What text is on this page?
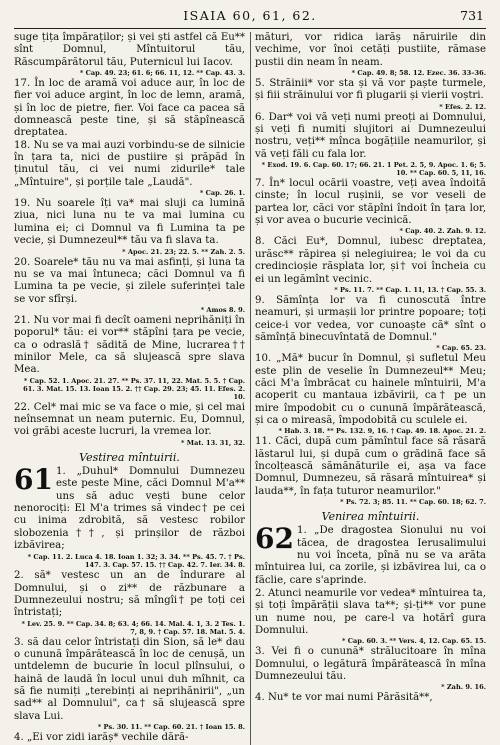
ISAIA 60, 61, 62.	731

suge țița împăraților; și vei ști astfel că Eu** sînt Domnul, Mîntuitorul tău, Răscumpărătorul tău, Puternicul lui Iacov.

* Cap. 49. 23; 61. 6; 66. 11, 12. ** Cap. 43. 3.

17. În loc de aramă voi aduce aur, în loc de fier voi aduce argint, în loc de lemn, aramă, și în loc de pietre, fier. Voi face ca pacea să domnească peste tine, și să stăpînească dreptatea.

18. Nu se va mai auzi vorbindu-se de silnicie în țara ta, nici de pustiire și prăpăd în ținutul tău, ci vei numi zidurile* tale „Mîntuire", și porțile tale „Laudă".

* Cap. 26. 1.

19. Nu soarele îți va* mai sluji ca lumină ziua, nici luna nu te va mai lumina cu lumina ei; ci Domnul va fi Lumina ta pe vecie, și Dumnezeul** tău va fi slava ta.

* Apoc. 21. 23; 22. 5. ** Zah. 2. 5.

20. Soarele* tău nu va mai asfinți, și luna ta nu se va mai întuneca; căci Domnul va fi Lumina ta pe vecie, și zilele suferinței tale se vor sfîrși.

* Amos 8. 9.

21. Nu vor mai fi decît oameni neprihăniți în poporul* tău: ei vor** stăpîni țara pe vecie, ca o odraslă† sădită de Mine, lucrarea†† minilor Mele, ca să slujească spre slava Mea.

* Cap. 52. 1. Apoc. 21. 27. ** Ps. 37. 11, 22. Mat. 5. 5. † Cap. 61. 3. Mat. 15. 13. Ioan 15. 2. †† Cap. 29. 23; 45. 11. Efes. 2. 10.

22. Cel* mai mic se va face o mie, și cel mai neînsemnat un neam puternic. Eu, Domnul, voi grăbi aceste lucruri, la vremea lor.

* Mat. 13. 31, 32.
Vestirea mîntuirii.
61 1. „Duhul* Domnului Dumnezeu este peste Mine, căci Domnul M'a** uns să aduc vești bune celor nenorociți: El M'a trimes să vindec† pe cei cu inima zdrobită, să vestesc robilor slobozenia††, și prinșilor de război izbăvirea;

* Cap. 11. 2. Luca 4. 18. Ioan 1. 32; 3. 34. ** Ps. 45. 7. † Ps. 147. 3. Cap. 57. 15. †† Cap. 42. 7. Ier. 34. 8.

2. să* vestesc un an de îndurare al Domnului, și o zi** de răzbunare a Dumnezeului nostru; să mîngîi† pe toți cei întristați;

* Lev. 25. 9. ** Cap. 34. 8; 63. 4; 66. 14. Mal. 4. 1, 3. 2 Tes. 1. 7, 8, 9. † Cap. 57. 18. Mat. 5. 4.

3. să dau celor întristați din Sion, să le* dau o cunună împărătească în loc de cenușă, un untdelemn de bucurie în locul plînsului, o haină de laudă în locul unui duh mîhnit, ca să fie numiți „terebinți ai neprihănirii", „un sad** al Domnului", ca† să slujească spre slava Lui.

* Ps. 30. 11. ** Cap. 60. 21. † Ioan 15. 8.

4. „Ei vor zidi iarăș* vechile dără-

mături, vor ridica iarăș năruirile din vechime, vor înoi cetăți pustiite, rămase pustii din neam în neam.

* Cap. 49. 8; 58. 12. Ezec. 36. 33–36.

5. Străinii* vor sta și vă vor paște turmele, și fiii străinului vor fi plugarii și vierii voștri.

* Efes. 2. 12.

6. Dar* voi vă veți numi preoți ai Domnului, și veți fi numiți slujitori ai Dumnezeului nostru, veți** mînca bogățiile neamurilor, și vă veți făli cu fala lor.

* Exod. 19. 6. Cap. 60. 17; 66. 21. 1 Pet. 2. 5, 9. Apoc. 1. 6; 5. 10. ** Cap. 60. 5, 11, 16.

7. În* locul ocării voastre, veți avea îndoită cinste; în locul rușinii, se vor veseli de partea lor, căci vor stăpîni îndoit în țara lor, și vor avea o bucurie vecinică.

* Cap. 40. 2. Zah. 9. 12.

8. Căci Eu*, Domnul, iubesc dreptatea, urăsc** răpirea și nelegiuirea; le voi da cu credincioșie răsplata lor, și† voi încheia cu ei un legămînt vecinic.

* Ps. 11. 7. ** Cap. 1. 11, 13. † Cap. 55. 3.

9. Sămînța lor va fi cunoscută între neamuri, și urmașii lor printre popoare; toți ceice-i vor vedea, vor cunoaște că* sînt o sămînță binecuvîntată de Domnul."

* Cap. 65. 23.

10. „Mă* bucur în Domnul, și sufletul Meu este plin de veselie în Dumnezeul** Meu; căci M'a îmbrăcat cu hainele mîntuirii, M'a acoperit cu mantaua izbăvirii, ca† pe un mire împodobit cu o cunună împărătească, și ca o mireasă, împodobită cu sculele ei.

* Hab. 3. 18. ** Ps. 132. 9, 16. † Cap. 49. 18. Apoc. 21. 2.

11. Căci, după cum pămîntul face să răsară lăstarul lui, și după cum o grădină face să încolțească sămănăturile ei, așa va face Domnul, Dumnezeu, să răsară mîntuirea* și lauda**, în fața tuturor neamurilor."

* Ps. 72. 3; 85. 11. ** Cap. 60. 18; 62. 7.
Venirea mîntuirii.
62 1. „De dragostea Sionului nu voi tăcea, de dragostea Ierusalimului nu voi înceta, pînă nu se va arăta mîntuirea lui, ca zorile, și izbăvirea lui, ca o făclie, care s'aprinde.

2. Atunci neamurile vor vedea* mîntuirea ta, și toți împărății slava ta**; și-ți** vor pune un nume nou, pe care-l va hotărî gura Domnului.

* Cap. 60. 3. ** Vers. 4, 12. Cap. 65. 15.

3. Vei fi o cunună* strălucitoare în mîna Domnului, o legătură împărătească în mîna Dumnezeului tău.

* Zah. 9. 16.

4. Nu* te vor mai numi Părăsită**,
